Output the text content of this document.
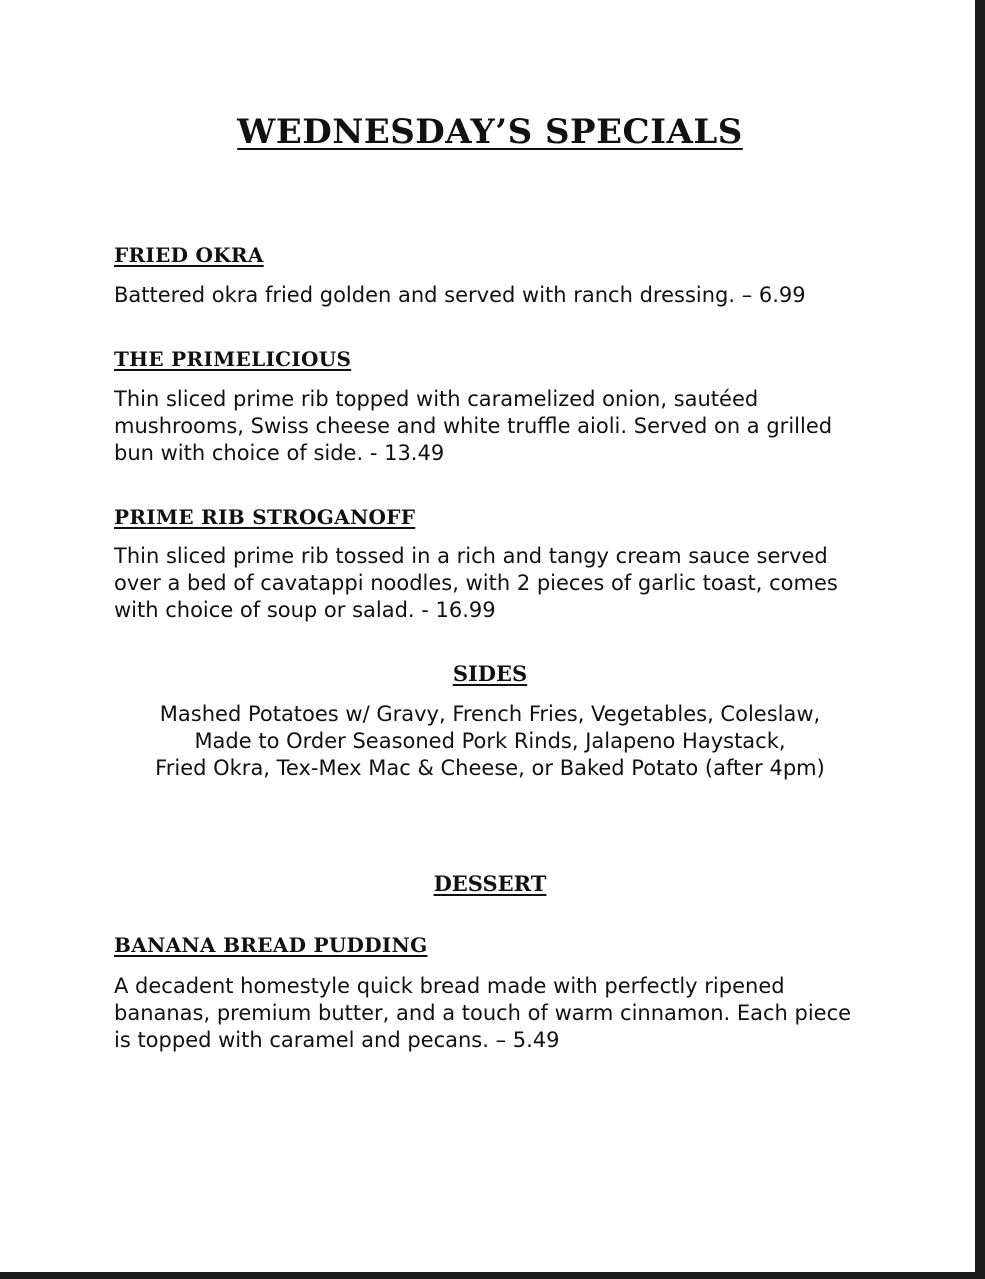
WEDNESDAY’S SPECIALS
FRIED OKRA
Battered okra fried golden and served with ranch dressing. – 6.99
THE PRIMELICIOUS
Thin sliced prime rib topped with caramelized onion, sautéed mushrooms, Swiss cheese and white truffle aioli. Served on a grilled bun with choice of side. - 13.49
PRIME RIB STROGANOFF
Thin sliced prime rib tossed in a rich and tangy cream sauce served over a bed of cavatappi noodles, with 2 pieces of garlic toast, comes with choice of soup or salad. - 16.99
SIDES
Mashed Potatoes w/ Gravy, French Fries, Vegetables, Coleslaw,
Made to Order Seasoned Pork Rinds, Jalapeno Haystack,
Fried Okra, Tex-Mex Mac & Cheese, or Baked Potato (after 4pm)
DESSERT
BANANA BREAD PUDDING
A decadent homestyle quick bread made with perfectly ripened bananas, premium butter, and a touch of warm cinnamon. Each piece is topped with caramel and pecans. – 5.49
